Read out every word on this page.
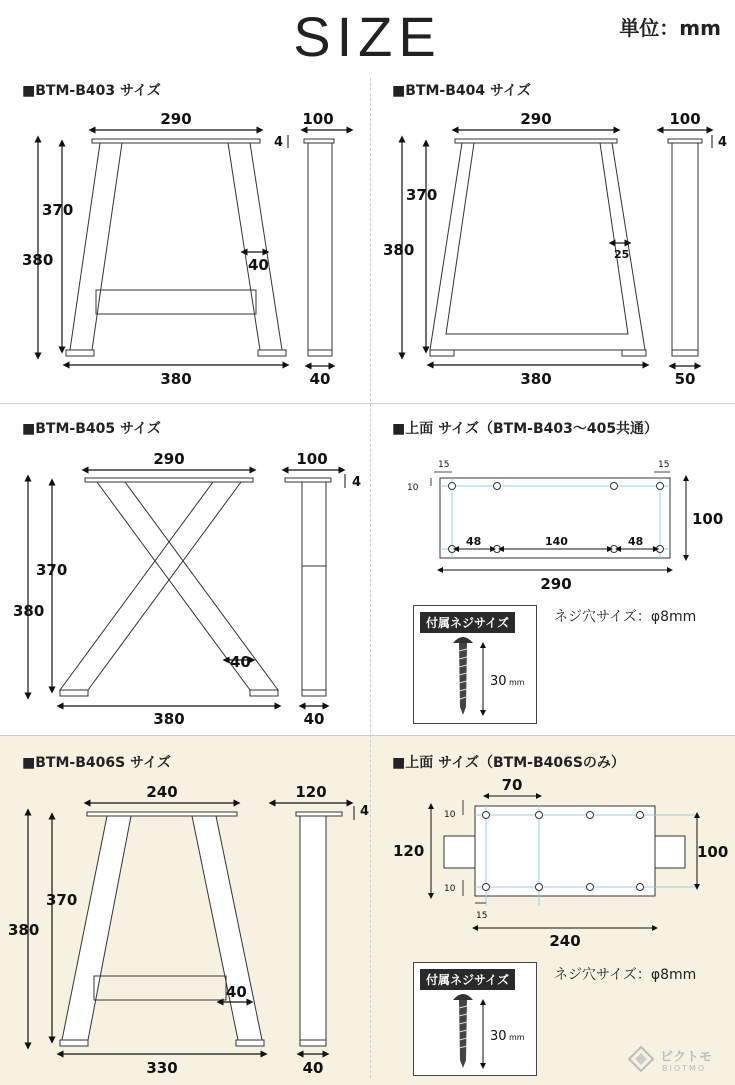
SIZE	単位：mm
■BTM-B403 サイズ	■BTM-B404 サイズ
■BTM-B405 サイズ	■上面 サイズ（BTM-B403〜405共通）
■BTM-B406S サイズ	■上面 サイズ（BTM-B406Sのみ）
290
370
380	40
380
100
40
4
290
370
380	25
380
100
50
4
290
370
380
40
380
100
40
4
15	15
10
48	140	48
290
100
付属ネジサイズ
30 mm
ネジ穴サイズ：φ8mm
240
370
380
40
330
120
40
4
70
10
10
15
120	100
240
付属ネジサイズ
30 mm
ネジ穴サイズ：φ8mm
ビクトモ
BIOTMO
